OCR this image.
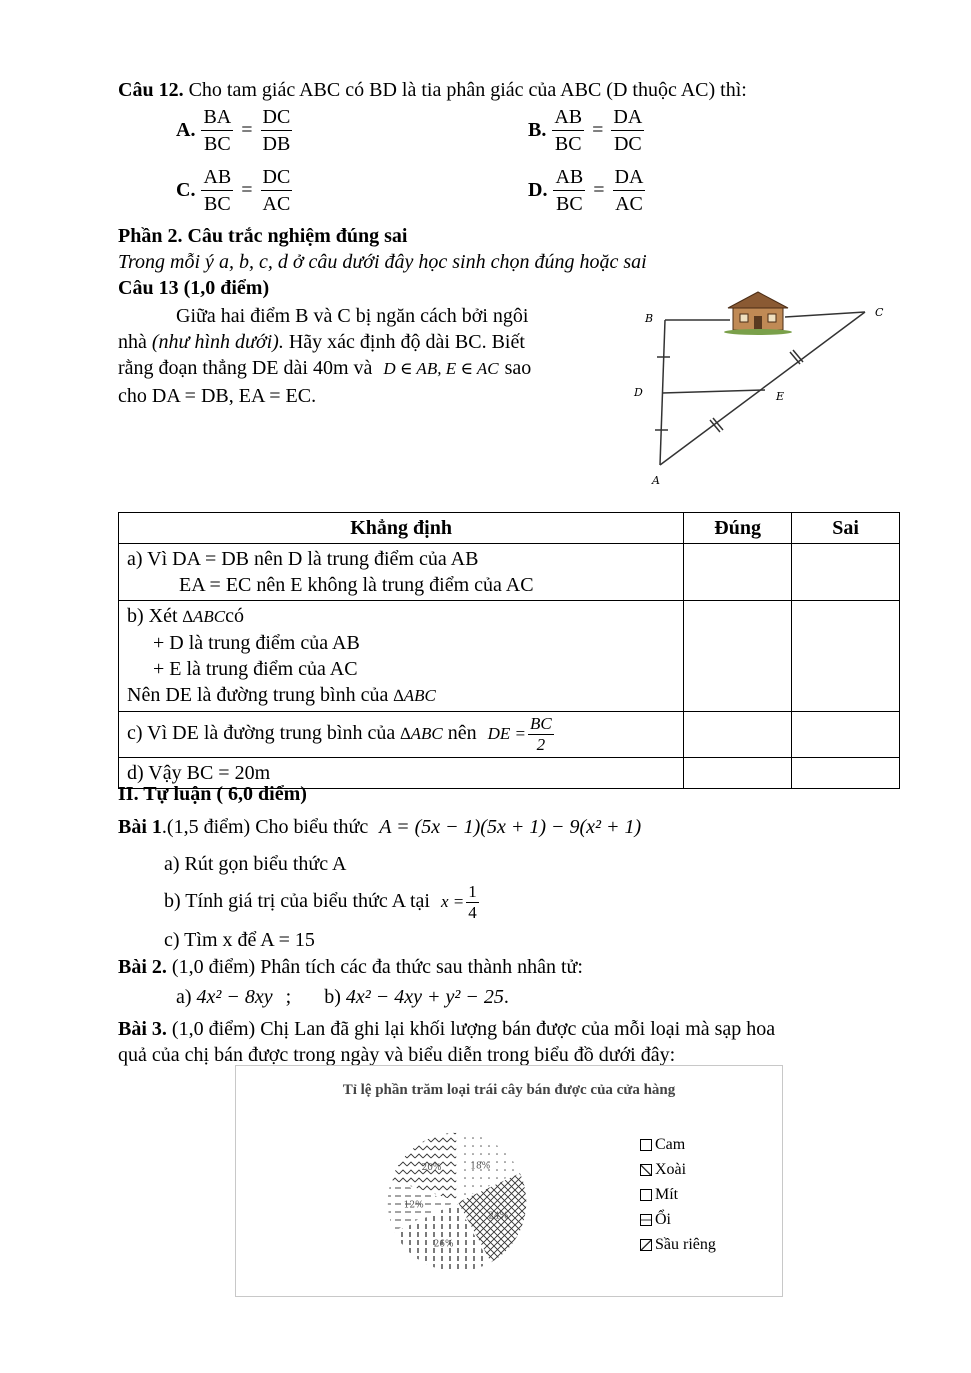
Câu 12. Cho tam giác ABC có BD là tia phân giác của ABC (D thuộc AC) thì:
A. $\frac{BA}{BC} = \frac{DC}{DB}$	B. $\frac{AB}{BC} = \frac{DA}{DC}$
C. $\frac{AB}{BC} = \frac{DC}{AC}$	D. $\frac{AB}{BC} = \frac{DA}{AC}$
Phần 2. Câu trắc nghiệm đúng sai
Trong mỗi ý a, b, c, d ở câu dưới đây học sinh chọn đúng hoặc sai
Câu 13 (1,0 điểm)
Giữa hai điểm B và C bị ngăn cách bởi ngôi
nhà (như hình dưới). Hãy xác định độ dài BC. Biết
rằng đoạn thẳng DE dài 40m và D ∈ AB, E ∈ AC sao
cho DA = DB, EA = EC.
B	C
D	E
A
Khẳng định	Đúng	Sai

a) Vì DA = DB nên D là trung điểm của AB
EA = EC nên E không là trung điểm của AC		

b) Xét ∆ABCcó
+ D là trung điểm của AB
+ E là trung điểm của AC
Nên DE là đường trung bình của ∆ABC		

c) Vì DE là đường trung bình của ∆ABC nên DE = $\frac{BC}{2}$

d) Vậy BC = 20m		
II. Tự luận ( 6,0 điểm)
Bài 1.(1,5 điểm) Cho biểu thức A = (5x − 1)(5x + 1) − 9(x² + 1)
a) Rút gọn biểu thức A
b) Tính giá trị của biểu thức A tại $x = \frac{1}{4}$
c) Tìm x để A = 15
Bài 2. (1,0 điểm) Phân tích các đa thức sau thành nhân tử:
a) 4x² − 8xy ; b) 4x² − 4xy + y² − 25.
Bài 3. (1,0 điểm) Chị Lan đã ghi lại khối lượng bán được của mỗi loại mà sạp hoa
quả của chị bán được trong ngày và biểu diễn trong biểu đồ dưới đây:
Tỉ lệ phần trăm loại trái cây bán được của cửa hàng
18%
24%
26%
12%
20%
Cam
Xoài
Mít
Ổi
Sầu riêng
